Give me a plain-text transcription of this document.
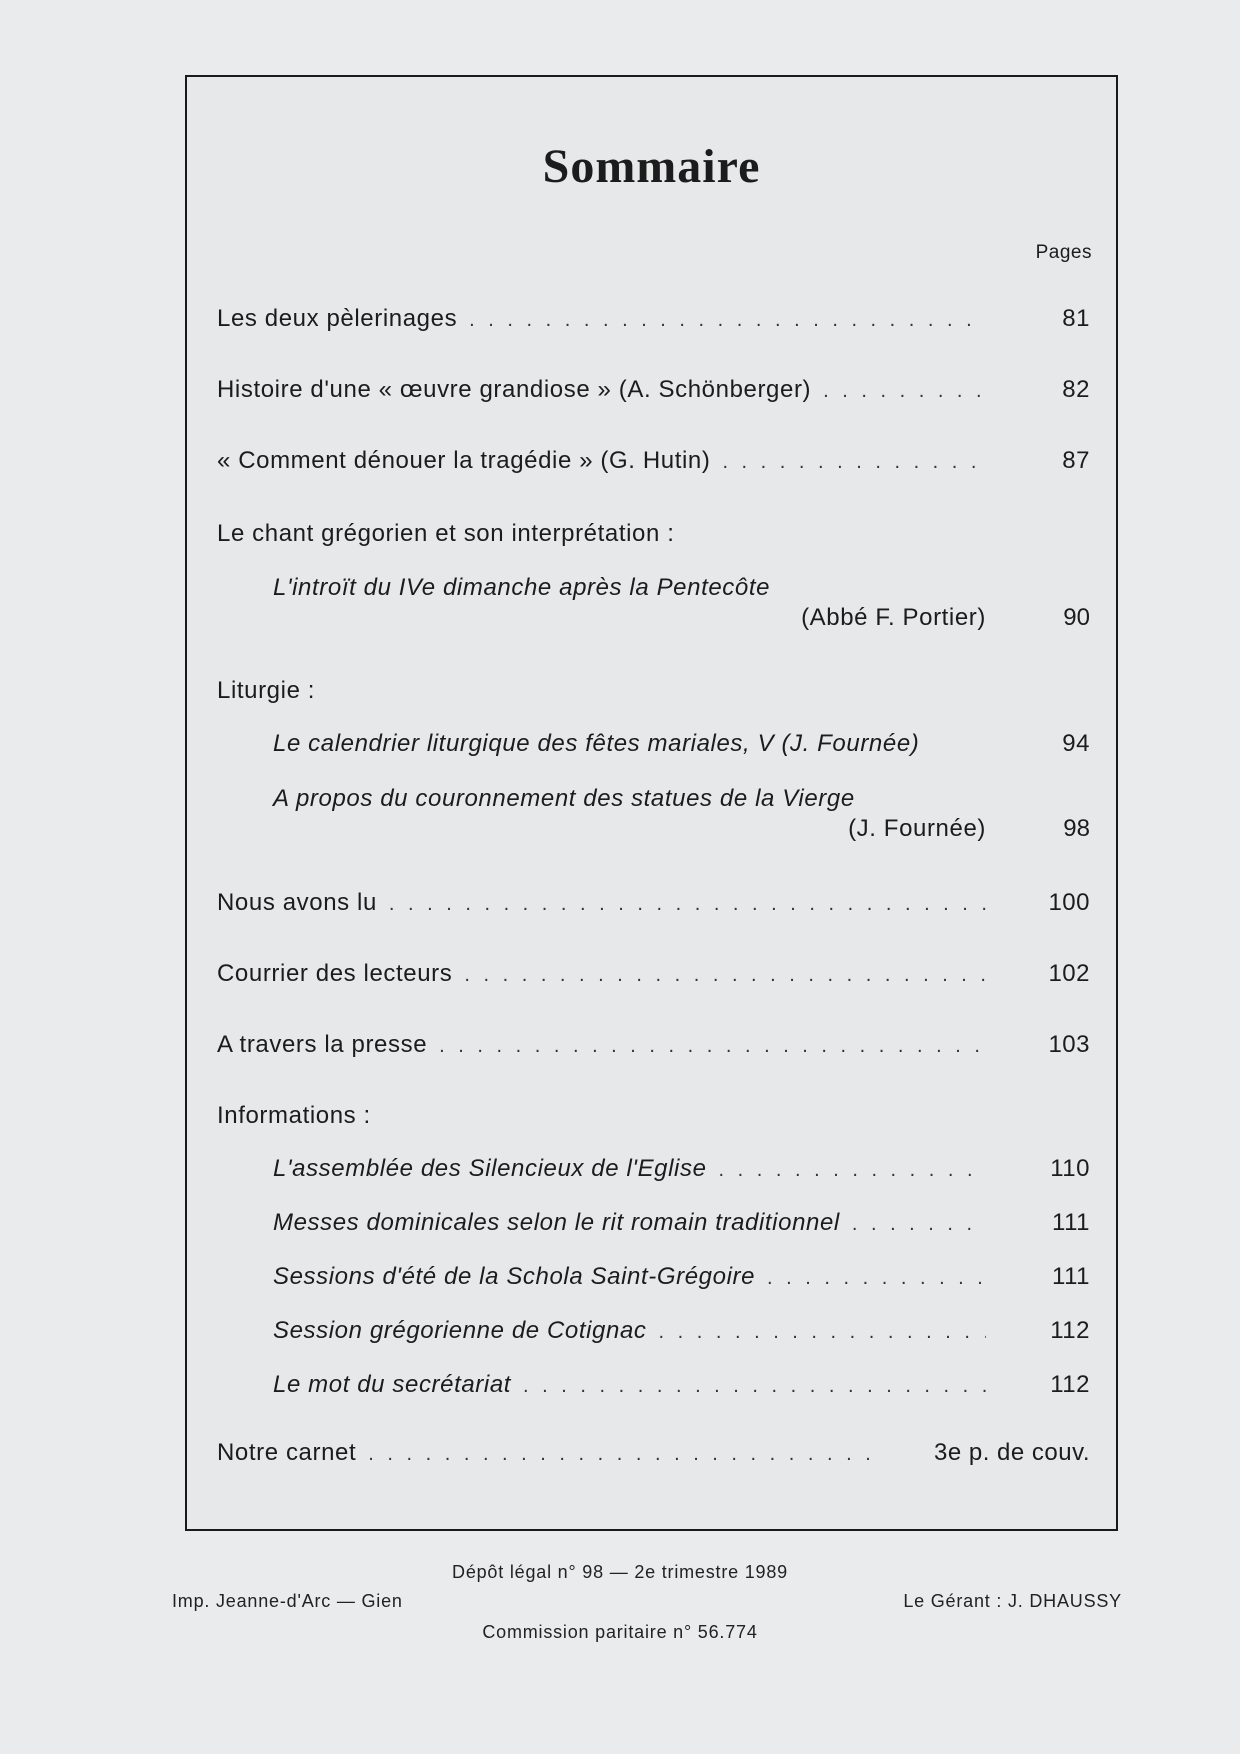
Sommaire
Pages
Les deux pèlerinages . . .	81
Histoire d'une « œuvre grandiose » (A. Schönberger) . . .	82
« Comment dénouer la tragédie » (G. Hutin) . . .	87
Le chant grégorien et son interprétation :
L'introït du IVe dimanche après la Pentecôte
(Abbé F. Portier)	90
Liturgie :
Le calendrier liturgique des fêtes mariales, V (J. Fournée)	94
A propos du couronnement des statues de la Vierge
(J. Fournée)	98
Nous avons lu . . .	100
Courrier des lecteurs . . .	102
A travers la presse . . .	103
Informations :
L'assemblée des Silencieux de l'Eglise . . .	110
Messes dominicales selon le rit romain traditionnel . . .	111
Sessions d'été de la Schola Saint-Grégoire . . .	111
Session grégorienne de Cotignac . . .	112
Le mot du secrétariat . . .	112
Notre carnet . . .	3e p. de couv.
Dépôt légal n° 98 — 2e trimestre 1989
Imp. Jeanne-d'Arc — Gien	Le Gérant : J. DHAUSSY
Commission paritaire n° 56.774
